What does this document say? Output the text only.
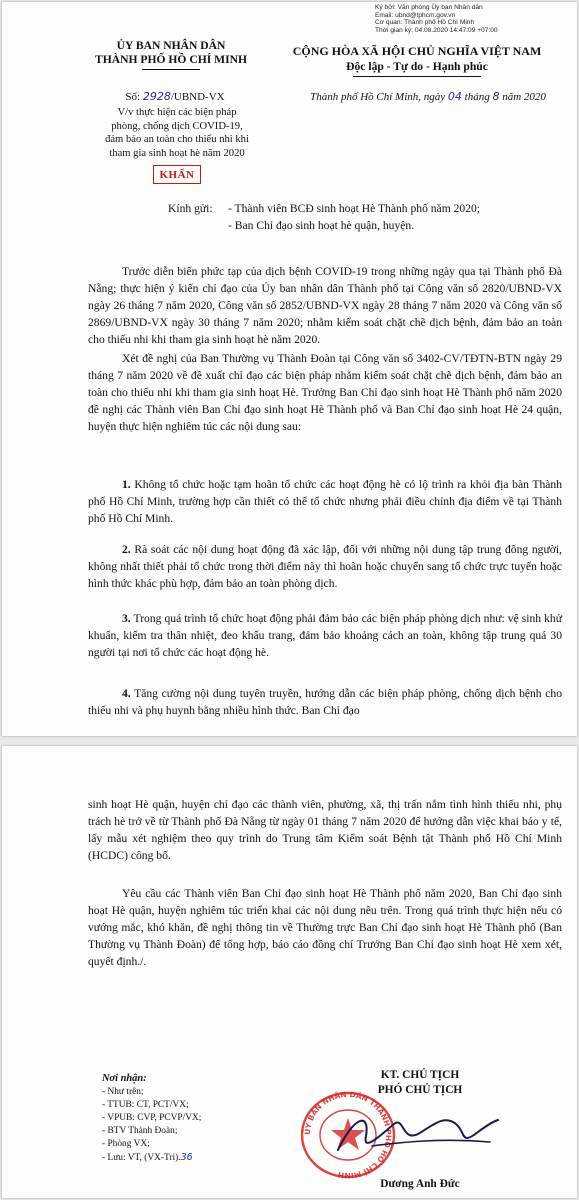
Ký bởi: Văn phòng Ủy ban Nhân dân
Email: ubnd@tphcm.gov.vn
Cơ quan: Thành phố Hồ Chí Minh
Thời gian ký: 04.08.2020 14:47:09 +07:00
ỦY BAN NHÂN DÂN
THÀNH PHỐ HỒ CHÍ MINH
CỘNG HÒA XÃ HỘI CHỦ NGHĨA VIỆT NAM
Độc lập - Tự do - Hạnh phúc
Số: 2928/UBND-VX
V/v thực hiện các biện pháp
phòng, chống dịch COVID-19,
đảm bảo an toàn cho thiếu nhi khi
tham gia sinh hoạt hè năm 2020
Thành phố Hồ Chí Minh, ngày 04 tháng 8 năm 2020
KHẨN
Kính gửi: - Thành viên BCĐ sinh hoạt Hè Thành phố năm 2020;
- Ban Chỉ đạo sinh hoạt hè quận, huyện.

Trước diễn biến phức tạp của dịch bệnh COVID-19 trong những ngày qua tại Thành phố Đà Nẵng; thực hiện ý kiến chỉ đạo của Ủy ban nhân dân Thành phố tại Công văn số 2820/UBND-VX ngày 26 tháng 7 năm 2020, Công văn số 2852/UBND-VX ngày 28 tháng 7 năm 2020 và Công văn số 2869/UBND-VX ngày 30 tháng 7 năm 2020; nhằm kiểm soát chặt chẽ dịch bệnh, đảm bảo an toàn cho thiếu nhi khi tham gia sinh hoạt hè năm 2020.

Xét đề nghị của Ban Thường vụ Thành Đoàn tại Công văn số 3402-CV/TĐTN-BTN ngày 29 tháng 7 năm 2020 về đề xuất chỉ đạo các biện pháp nhằm kiểm soát chặt chẽ dịch bệnh, đảm bảo an toàn cho thiếu nhi khi tham gia sinh hoạt Hè. Trưởng Ban Chỉ đạo sinh hoạt Hè Thành phố năm 2020 đề nghị các Thành viên Ban Chỉ đạo sinh hoạt Hè Thành phố và Ban Chỉ đạo sinh hoạt Hè 24 quận, huyện thực hiện nghiêm túc các nội dung sau:

1. Không tổ chức hoặc tạm hoãn tổ chức các hoạt động hè có lộ trình ra khỏi địa bàn Thành phố Hồ Chí Minh, trường hợp cần thiết có thể tổ chức nhưng phải điều chỉnh địa điểm về tại Thành phố Hồ Chí Minh.

2. Rà soát các nội dung hoạt động đã xác lập, đối với những nội dung tập trung đông người, không nhất thiết phải tổ chức trong thời điểm này thì hoãn hoặc chuyển sang tổ chức trực tuyến hoặc hình thức khác phù hợp, đảm bảo an toàn phòng dịch.

3. Trong quá trình tổ chức hoạt động phải đảm bảo các biện pháp phòng dịch như: vệ sinh khử khuẩn, kiểm tra thân nhiệt, đeo khẩu trang, đảm bảo khoảng cách an toàn, không tập trung quá 30 người tại nơi tổ chức các hoạt động hè.

4. Tăng cường nội dung tuyên truyền, hướng dẫn các biện pháp phòng, chống dịch bệnh cho thiếu nhi và phụ huynh bằng nhiều hình thức. Ban Chỉ đạo

sinh hoạt Hè quận, huyện chỉ đạo các thành viên, phường, xã, thị trấn nắm tình hình thiếu nhi, phụ trách hè trở về từ Thành phố Đà Nẵng từ ngày 01 tháng 7 năm 2020 để hướng dẫn việc khai báo y tế, lấy mẫu xét nghiệm theo quy trình do Trung tâm Kiểm soát Bệnh tật Thành phố Hồ Chí Minh (HCDC) công bố.

Yêu cầu các Thành viên Ban Chỉ đạo sinh hoạt Hè Thành phố năm 2020, Ban Chỉ đạo sinh hoạt Hè quận, huyện nghiêm túc triển khai các nội dung nêu trên. Trong quá trình thực hiện nếu có vướng mắc, khó khăn, đề nghị thông tin về Thường trực Ban Chỉ đạo sinh hoạt Hè Thành phố (Ban Thường vụ Thành Đoàn) để tổng hợp, báo cáo đồng chí Trưởng Ban Chỉ đạo sinh hoạt Hè xem xét, quyết định./.

Nơi nhận:
- Như trên;
- TTUB: CT, PCT/VX;
- VPUB: CVP, PCVP/VX;
- BTV Thành Đoàn;
- Phòng VX;
- Lưu: VT, (VX-Tri).36
KT. CHỦ TỊCH
PHÓ CHỦ TỊCH
ỦY BAN NHÂN DÂN THÀNH PHỐ HỒ CHÍ MINH
Dương Anh Đức
